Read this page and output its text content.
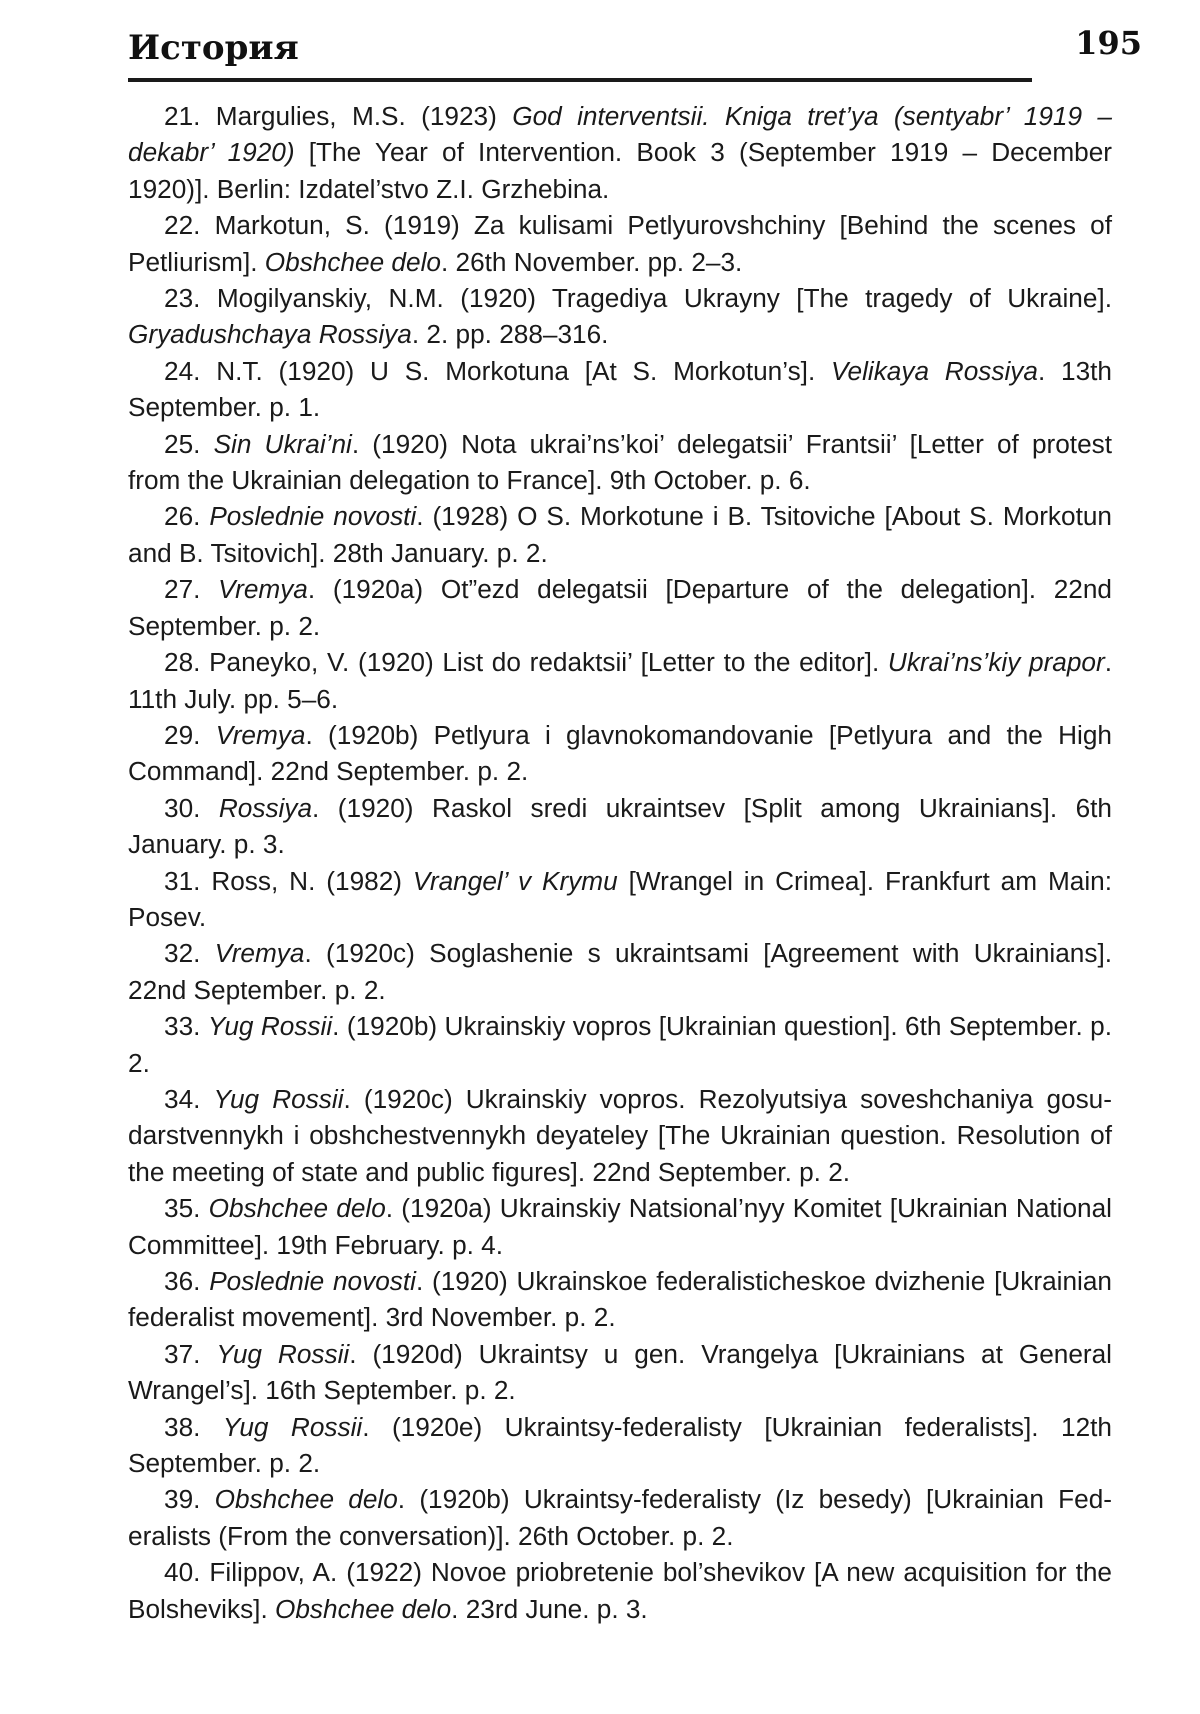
История	195
21. Margulies, M.S. (1923) God interventsii. Kniga tret’ya (sentyabr’ 1919 – dekabr’ 1920) [The Year of Intervention. Book 3 (September 1919 – December 1920)]. Berlin: Izdatel’stvo Z.I. Grzhebina.
22. Markotun, S. (1919) Za kulisami Petlyurovshchiny [Behind the scenes of Petliurism]. Obshchee delo. 26th November. pp. 2–3.
23. Mogilyanskiy, N.M. (1920) Tragediya Ukrayny [The tragedy of Ukraine]. Gryadushchaya Rossiya. 2. pp. 288–316.
24. N.T. (1920) U S. Morkotuna [At S. Morkotun’s]. Velikaya Rossiya. 13th September. p. 1.
25. Sin Ukrai’ni. (1920) Nota ukrai’ns’koi’ delegatsii’ Frantsii’ [Letter of protest from the Ukrainian delegation to France]. 9th October. p. 6.
26. Poslednie novosti. (1928) O S. Morkotune i B. Tsitoviche [About S. Morkotun and B. Tsitovich]. 28th January. p. 2.
27. Vremya. (1920a) Ot”ezd delegatsii [Departure of the delegation]. 22nd September. p. 2.
28. Paneyko, V. (1920) List do redaktsii’ [Letter to the editor]. Ukrai’ns’kiy prapor. 11th July. pp. 5–6.
29. Vremya. (1920b) Petlyura i glavnokomandovanie [Petlyura and the High Command]. 22nd September. p. 2.
30. Rossiya. (1920) Raskol sredi ukraintsev [Split among Ukrainians]. 6th January. p. 3.
31. Ross, N. (1982) Vrangel’ v Krymu [Wrangel in Crimea]. Frankfurt am Main: Posev.
32. Vremya. (1920c) Soglashenie s ukraintsami [Agreement with Ukrainians]. 22nd September. p. 2.
33. Yug Rossii. (1920b) Ukrainskiy vopros [Ukrainian question]. 6th September. p. 2.
34. Yug Rossii. (1920c) Ukrainskiy vopros. Rezolyutsiya soveshchaniya gosudarstvennykh i obshchestvennykh deyateley [The Ukrainian question. Resolution of the meeting of state and public figures]. 22nd September. p. 2.
35. Obshchee delo. (1920a) Ukrainskiy Natsional’nyy Komitet [Ukrainian National Committee]. 19th February. p. 4.
36. Poslednie novosti. (1920) Ukrainskoe federalisticheskoe dvizhenie [Ukrainian federalist movement]. 3rd November. p. 2.
37. Yug Rossii. (1920d) Ukraintsy u gen. Vrangelya [Ukrainians at General Wrangel’s]. 16th September. p. 2.
38. Yug Rossii. (1920e) Ukraintsy-federalisty [Ukrainian federalists]. 12th September. p. 2.
39. Obshchee delo. (1920b) Ukraintsy-federalisty (Iz besedy) [Ukrainian Federalists (From the conversation)]. 26th October. p. 2.
40. Filippov, A. (1922) Novoe priobretenie bol’shevikov [A new acquisition for the Bolsheviks]. Obshchee delo. 23rd June. p. 3.
